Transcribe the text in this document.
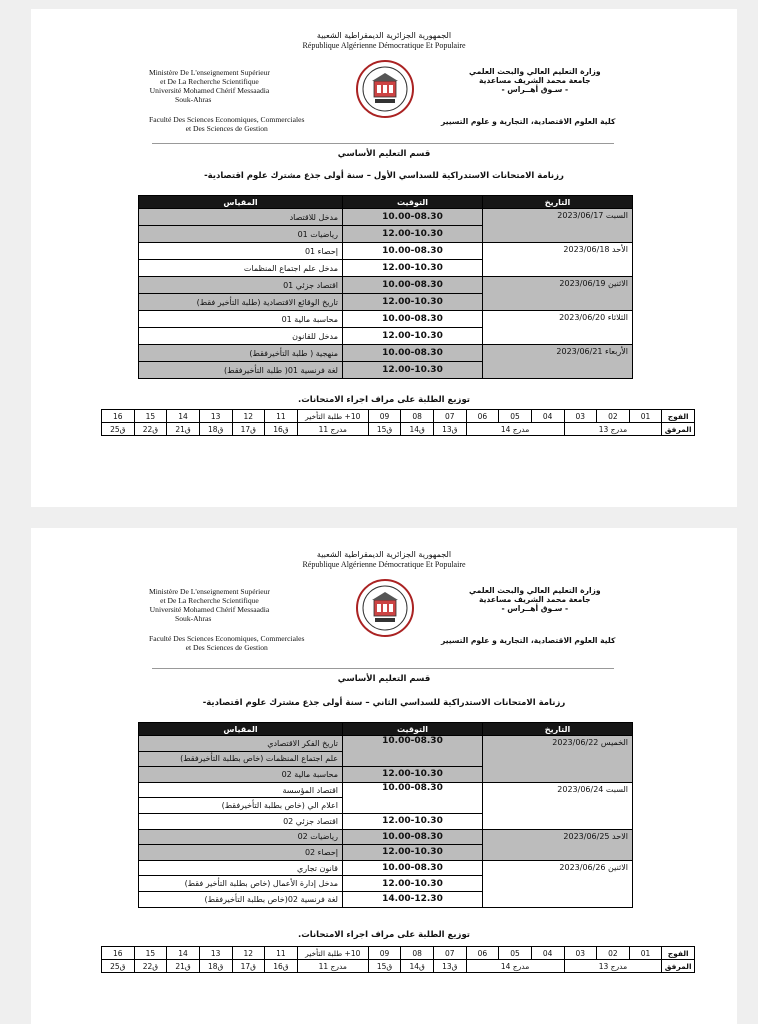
الجمهورية الجزائرية الديمقراطية الشعبية
République Algérienne Démocratique Et Populaire
Ministère De L'enseignement Supérieur
et De La Recherche Scientifique
Université Mohamed Chérif Messaadia
Souk-Ahras
Faculté Des Sciences Economiques, Commerciales
et Des Sciences de Gestion
وزارة التعليم العالي والبحث العلمي
جامعة محمد الشريف مساعدية
- سـوق أهــراس -
كلية العلوم الاقتصادية، التجارية و علوم التسيير
قسم التعليم الأساسي
رزنامة الامتحانات الاستدراكية للسداسي الأول – سنة أولى جذع مشترك علوم اقتصادية-
المقياس	التوقيت	التاريخ
مدخل للاقتصاد	10.00-08.30	السبت 2023/06/17
رياضيات 01	12.00-10.30	
إحصاء 01	10.00-08.30	الأحد 2023/06/18
مدخل علم اجتماع المنظمات	12.00-10.30	
اقتصاد جزئي 01	10.00-08.30	الاثنين 2023/06/19
تاريخ الوقائع الاقتصادية (طلبة التأخير فقط)	12.00-10.30	
محاسبة مالية 01	10.00-08.30	الثلاثاء 2023/06/20
مدخل للقانون	12.00-10.30	
منهجية ( طلبة التأخيرفقط)	10.00-08.30	الأربعاء 2023/06/21
لغة فرنسية 01( طلبة التأخيرفقط)	12.00-10.30	
توزيع الطلبة على مراف اجراء الامتحانات.
الفوج	01	02	03	04	05	06	07	08	09	10+ طلبة التأخير	11	12	13	14	15	16
المرفق	مدرج 13			مدرج 14			ق13	ق14	ق15	مدرج 11	ق16	ق17	ق18	ق21	ق22	ق25
الجمهورية الجزائرية الديمقراطية الشعبية
République Algérienne Démocratique Et Populaire
Ministère De L'enseignement Supérieur
et De La Recherche Scientifique
Université Mohamed Chérif Messaadia
Souk-Ahras
Faculté Des Sciences Economiques, Commerciales
et Des Sciences de Gestion
وزارة التعليم العالي والبحث العلمي
جامعة محمد الشريف مساعدية
- سـوق أهــراس -
كلية العلوم الاقتصادية، التجارية و علوم التسيير
قسم التعليم الأساسي
رزنامة الامتحانات الاستدراكية للسداسي الثاني – سنة أولى جذع مشترك علوم اقتصادية-
المقياس	التوقيت	التاريخ
تاريخ الفكر الاقتصادي	10.00-08.30	الخميس 2023/06/22
علم اجتماع المنظمات (خاص بطلبة التأخيرفقط)		
محاسبة مالية 02	12.00-10.30	
اقتصاد المؤسسة	10.00-08.30	السبت 2023/06/24
اعلام الي (خاص بطلبة التأخيرفقط)		
اقتصاد جزئي 02	12.00-10.30	
رياضيات 02	10.00-08.30	الاحد 2023/06/25
إحصاء 02	12.00-10.30	
قانون تجاري	10.00-08.30	الاثنين 2023/06/26
مدخل إدارة الأعمال (خاص بطلبة التأخير فقط)	12.00-10.30	
لغة فرنسية 02(خاص بطلبة التأخيرفقط)	14.00-12.30	
توزيع الطلبة على مراف اجراء الامتحانات.
الفوج	01	02	03	04	05	06	07	08	09	10+ طلبة التأخير	11	12	13	14	15	16
المرفق	مدرج 13			مدرج 14			ق13	ق14	ق15	مدرج 11	ق16	ق17	ق18	ق21	ق22	ق25
